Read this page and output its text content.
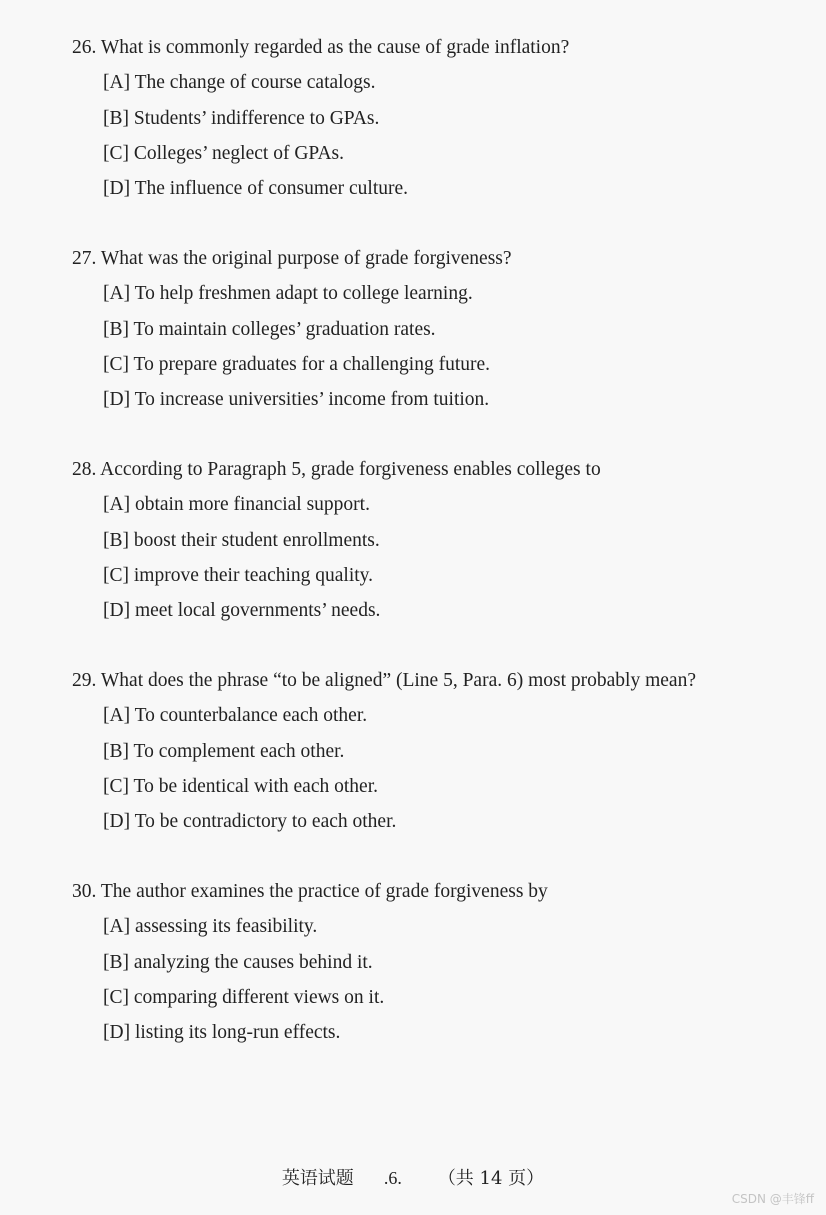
26. What is commonly regarded as the cause of grade inflation?
[A] The change of course catalogs.
[B] Students’ indifference to GPAs.
[C] Colleges’ neglect of GPAs.
[D] The influence of consumer culture.
27. What was the original purpose of grade forgiveness?
[A] To help freshmen adapt to college learning.
[B] To maintain colleges’ graduation rates.
[C] To prepare graduates for a challenging future.
[D] To increase universities’ income from tuition.
28. According to Paragraph 5, grade forgiveness enables colleges to
[A] obtain more financial support.
[B] boost their student enrollments.
[C] improve their teaching quality.
[D] meet local governments’ needs.
29. What does the phrase “to be aligned” (Line 5, Para. 6) most probably mean?
[A] To counterbalance each other.
[B] To complement each other.
[C] To be identical with each other.
[D] To be contradictory to each other.
30. The author examines the practice of grade forgiveness by
[A] assessing its feasibility.
[B] analyzing the causes behind it.
[C] comparing different views on it.
[D] listing its long-run effects.
英语试题 .6. （共 14 页）
CSDN @丰锋ff
